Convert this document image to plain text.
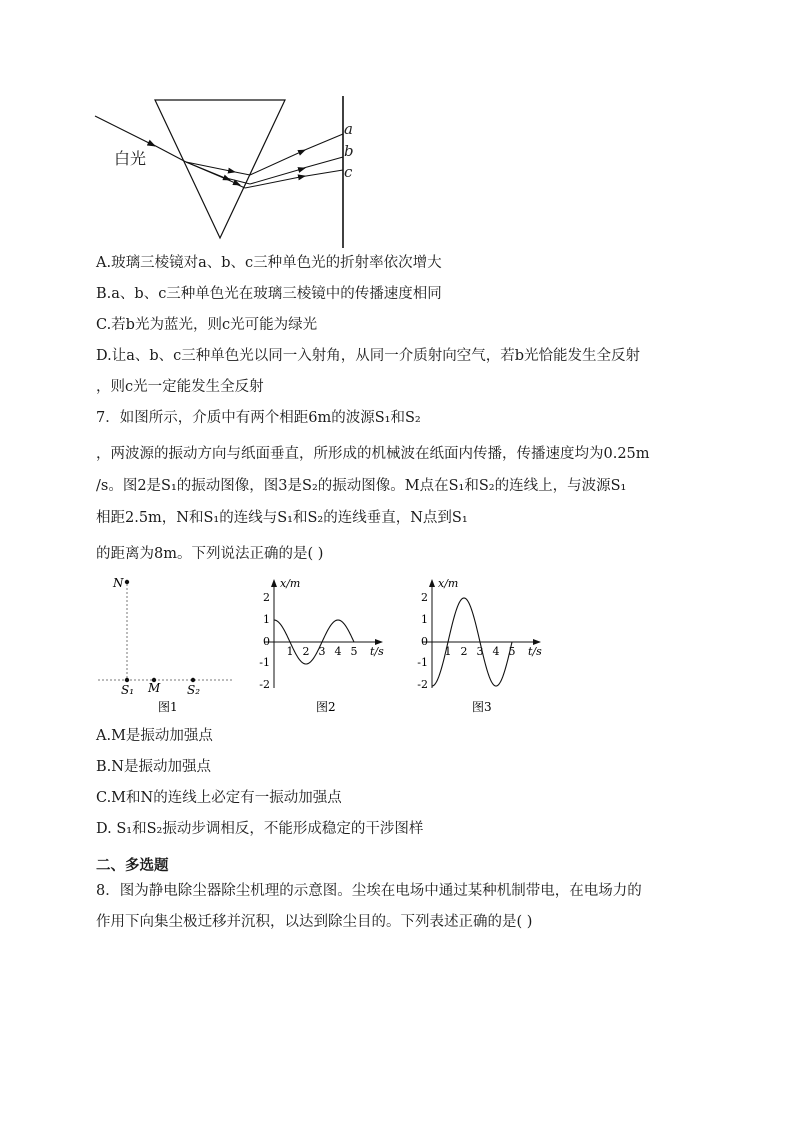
白光
a
b
c
A.玻璃三棱镜对a、b、c三种单色光的折射率依次增大
B.a、b、c三种单色光在玻璃三棱镜中的传播速度相同
C.若b光为蓝光，则c光可能为绿光
D.让a、b、c三种单色光以同一入射角，从同一介质射向空气，若b光恰能发生全反射
，则c光一定能发生全反射
7．如图所示，介质中有两个相距6m的波源S₁和S₂
，两波源的振动方向与纸面垂直，所形成的机械波在纸面内传播，传播速度均为0.25m
/s。图2是S₁的振动图像，图3是S₂的振动图像。M点在S₁和S₂的连线上，与波源S₁
相距2.5m，N和S₁的连线与S₁和S₂的连线垂直，N点到S₁
的距离为8m。下列说法正确的是( )
N
S₁ M S₂
图1
x/m
t/s
2
1
0
-1
-2
1 2 3 4 5
图2
x/m
t/s
2
1
0
-1
-2
1 2 3 4 5
图3
A.M是振动加强点
B.N是振动加强点
C.M和N的连线上必定有一振动加强点
D. S₁和S₂振动步调相反，不能形成稳定的干涉图样
二、多选题
8．图为静电除尘器除尘机理的示意图。尘埃在电场中通过某种机制带电，在电场力的
作用下向集尘极迁移并沉积，以达到除尘目的。下列表述正确的是( )
